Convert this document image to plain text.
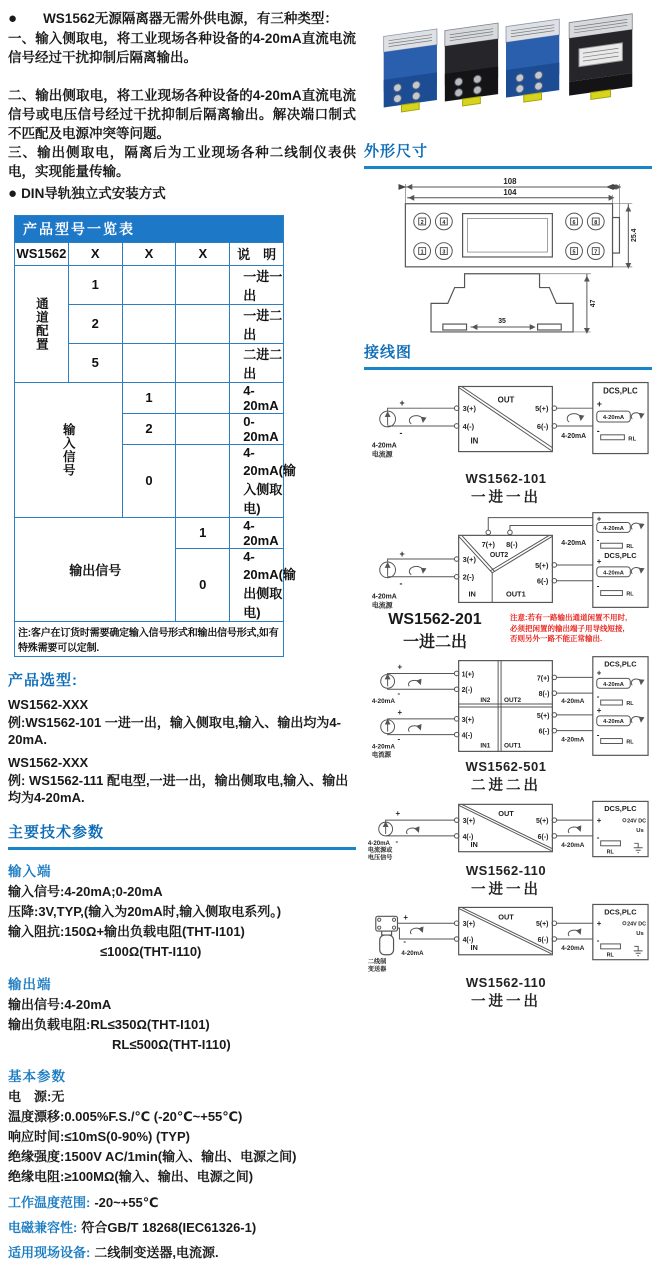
● WS1562无源隔离器无需外供电源，有三种类型：
一、输入侧取电，将工业现场各种设备的4-20mA直流电流信号经过干扰抑制后隔离输出。
二、输出侧取电，将工业现场各种设备的4-20mA直流电流信号或电压信号经过干扰抑制后隔离输出。解决端口制式不匹配及电源冲突等问题。
三、输出侧取电，隔离后为工业现场各种二线制仪表供电，实现能量传输。
● DIN导轨独立式安装方式
产品型号一览表				
WS1562	X	X	X	说　明
通道配置	1			一进一出
	2			一进二出
	5			二进二出
输入信号		1		4-20mA
		2		0-20mA
		0		4-20mA(输入侧取电)
输出信号			1	4-20mA
			0	4-20mA(输出侧取电)
注:客户在订货时需要确定输入信号形式和输出信号形式,如有特殊需要可以定制.				
产品选型:
WS1562-XXX
例:WS1562-101 一进一出，输入侧取电,输入、输出均为4-20mA.
WS1562-XXX
例: WS1562-111 配电型,一进一出，输出侧取电,输入、输出均为4-20mA.
主要技术参数
输入端
输入信号:4-20mA;0-20mA
压降:3V,TYP,(输入为20mA时,输入侧取电系列。)
输入阻抗:150Ω+输出负载电阻(THT-I101)
≤100Ω(THT-I110)
输出端
输出信号:4-20mA
输出负载电阻:RL≤350Ω(THT-I101)
RL≤500Ω(THT-I110)
基本参数
电　源:无
温度漂移:0.005%F.S./℃ (-20℃~+55℃)
响应时间:≤10mS(0-90%) (TYP)
绝缘强度:1500V AC/1min(输入、输出、电源之间)
绝缘电阻:≥100MΩ(输入、输出、电源之间)
工作温度范围: -20~+55℃
电磁兼容性: 符合GB/T 18268(IEC61326-1)
适用现场设备: 二线制变送器,电流源.
外形尺寸
108
104
2	4
1	3
6	8
5	7
25.4
35
47
接线图
+
-
4-20mA
电流源
OUT
IN
3(+)
4(-)
5(+)
6(-)
4-20mA
DCS,PLC
+
4-20mA
-
RL
WS1562-101
一进一出
+
-
4-20mA
电流源
7(+) 8(-)
OUT2
3(+)
2(-)
5(+)
6(-)
IN	OUT1
4-20mA
+
4-20mA
-
RL
DCS,PLC
+
4-20mA
-
RL
WS1562-201
一进二出
注意:若有一路输出通道闲置不用时,
必须把闲置的输出端子用导线短接,
否则另外一路不能正常输出.
+
-
4-20mA
+
-
4-20mA
电流源
1(+)
2(-)
IN2
7(+)
8(-)
OUT2
3(+)
4(-)
IN1
5(+)
6(-)
OUT1
4-20mA
4-20mA
DCS,PLC
+
4-20mA
-
RL
+
4-20mA
-
RL
WS1562-501
二进二出
+
-
4-20mA
电流源或
电压信号
OUT
IN
3(+)
4(-)
5(+)
6(-)
4-20mA
DCS,PLC
+	24V DC
Us
-
RL
WS1562-110
一进一出
4-20mA
二线制
变送器
+
-
OUT
IN
3(+)
4(-)
5(+)
6(-)
4-20mA
DCS,PLC
+	24V DC
Us
-
RL
WS1562-110
一进一出
